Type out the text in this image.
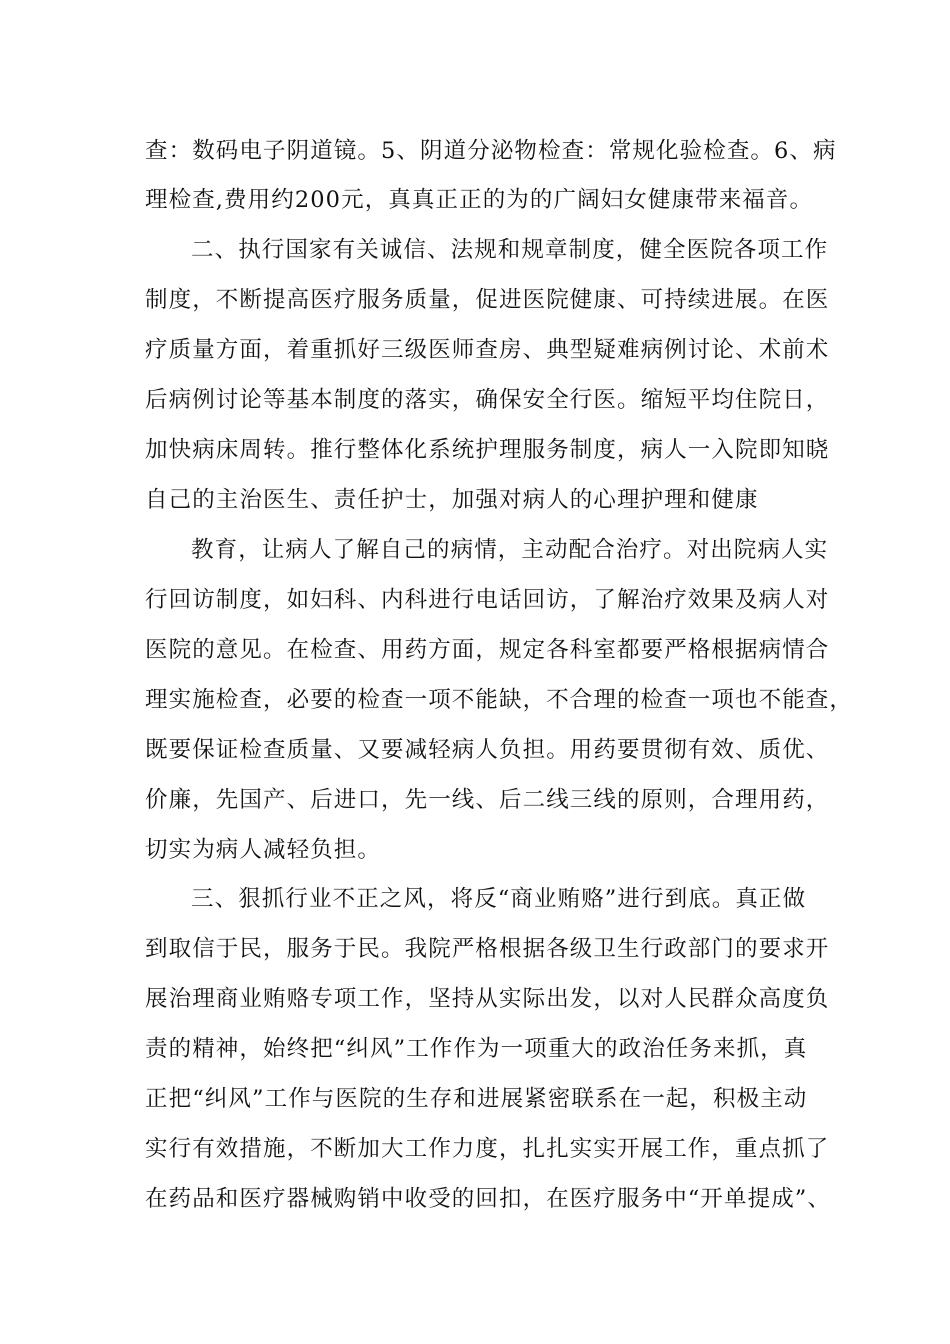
查：数码电子阴道镜。5、阴道分泌物检查：常规化验检查。6、病
理检查,费用约200元，真真正正的为的广阔妇女健康带来福音。
二、执行国家有关诚信、法规和规章制度，健全医院各项工作
制度，不断提高医疗服务质量，促进医院健康、可持续进展。在医
疗质量方面，着重抓好三级医师查房、典型疑难病例讨论、术前术
后病例讨论等基本制度的落实，确保安全行医。缩短平均住院日，
加快病床周转。推行整体化系统护理服务制度，病人一入院即知晓
自己的主治医生、责任护士，加强对病人的心理护理和健康
教育，让病人了解自己的病情，主动配合治疗。对出院病人实
行回访制度，如妇科、内科进行电话回访，了解治疗效果及病人对
医院的意见。在检查、用药方面，规定各科室都要严格根据病情合
理实施检查，必要的检查一项不能缺，不合理的检查一项也不能查，
既要保证检查质量、又要减轻病人负担。用药要贯彻有效、质优、
价廉，先国产、后进口，先一线、后二线三线的原则，合理用药，
切实为病人减轻负担。
三、狠抓行业不正之风，将反“商业贿赂”进行到底。真正做
到取信于民，服务于民。我院严格根据各级卫生行政部门的要求开
展治理商业贿赂专项工作，坚持从实际出发，以对人民群众高度负
责的精神，始终把“纠风”工作作为一项重大的政治任务来抓，真
正把“纠风”工作与医院的生存和进展紧密联系在一起，积极主动
实行有效措施，不断加大工作力度，扎扎实实开展工作，重点抓了
在药品和医疗器械购销中收受的回扣，在医疗服务中“开单提成”、
